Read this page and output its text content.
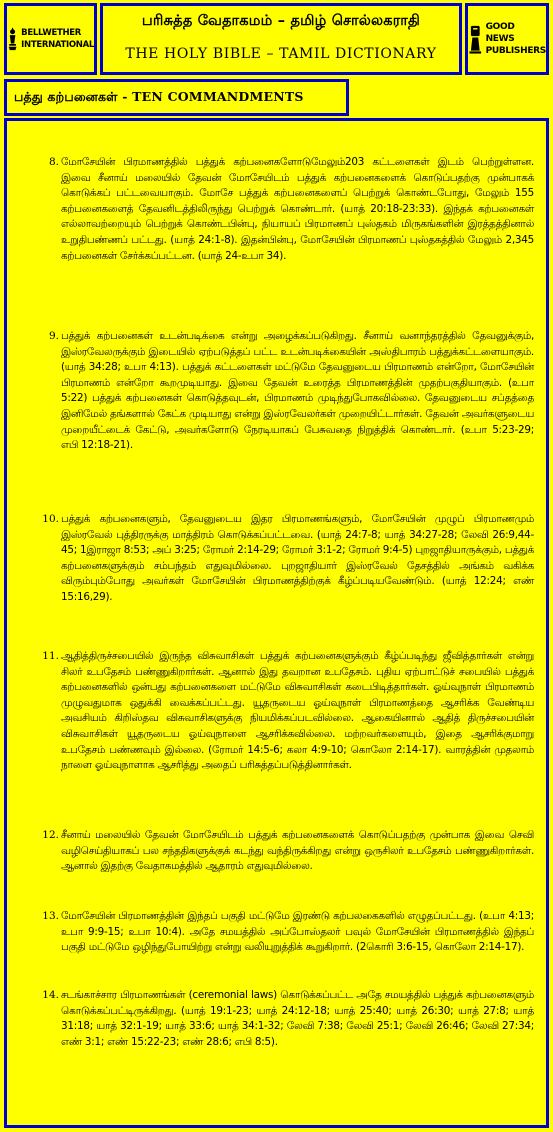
BELLWETHER
INTERNATIONAL
பரிசுத்த வேதாகமம் – தமிழ் சொல்லகராதி
THE HOLY BIBLE – TAMIL DICTIONARY
GOOD NEWS
PUBLISHERS
பத்து கற்பனைகள் - TEN COMMANDMENTS
8. மோசேயின் பிரமாணத்தில் பத்துக் கற்பனைகளோடுமேலும்203 கட்டளைகள் இடம் பெற்றுள்ளன. இவை சீனாய் மலையில் தேவன் மோசேயிடம் பத்துக் கற்பனைகளைக் கொடுப்பதற்கு முன்பாகக் கொடுக்கப் பட்டவையாகும். மோசே பத்துக் கற்பனைகளைப் பெற்றுக் கொண்டபோது, மேலும் 155 கற்பனைகளைத் தேவனிடத்திலிருந்து பெற்றுக் கொண்டார். (யாத் 20:18-23:33). இந்தக் கற்பனைகள் எல்லாவற்றையும் பெற்றுக் கொண்டபின்பு, நியாயப் பிரமாணப் புஸ்தகம் மிருகங்களின் இரத்தத்தினால் உறுதிபண்ணப் பட்டது. (யாத் 24:1-8). இதன்பின்பு, மோசேயின் பிரமாணப் புஸ்தகத்தில் மேலும் 2,345 கற்பனைகள் சேர்க்கப்பட்டன. (யாத் 24-உபா 34).
9. பத்துக் கற்பனைகள் உடன்படிக்கை என்று அழைக்கப்படுகிறது. சீனாய் வனாந்தரத்தில் தேவனுக்கும், இஸ்ரவேலருக்கும் இடையில் ஏற்படுத்தப் பட்ட உடன்படிக்கையின் அஸ்திபாரம் பத்துக்கட்டளையாகும். (யாத் 34:28; உபா 4:13). பத்துக் கட்டளைகள் மட்டுமே தேவனுடைய பிரமாணம் என்றோ, மோசேயின் பிரமாணம் என்றோ கூறமுடியாது. இவை தேவன் உரைத்த பிரமாணத்தின் முதற்பகுதியாகும். (உபா 5:22) பத்துக் கற்பனைகள் கொடுத்தவுடன், பிரமாணம் முடிந்துபோகவில்லை. தேவனுடைய சப்தத்தை இனிமேல் தங்களால் கேட்க முடியாது என்று இஸ்ரவேலர்கள் முறையிட்டார்கள். தேவன் அவர்களுடைய முறையீட்டைக் கேட்டு, அவர்களோடு நேரடியாகப் பேசுவதை நிறுத்திக் கொண்டார். (உபா 5:23-29; எபி 12:18-21).
10. பத்துக் கற்பனைகளும், தேவனுடைய இதர பிரமாணங்களும், மோசேயின் முழுப் பிரமாணமும் இஸ்ரவேல் புத்திரருக்கு மாத்திரம் கொடுக்கப்பட்டவை. (யாத் 24:7-8; யாத் 34:27-28; லேவி 26:9,44-45; 1இராஜா 8:53; அப் 3:25; ரோமர் 2:14-29; ரோமர் 3:1-2; ரோமர் 9:4-5) புறஜாதியாருக்கும், பத்துக் கற்பனைகளுக்கும் சம்பந்தம் எதுவுமில்லை. புறஜாதியார் இஸ்ரவேல் தேசத்தில் அங்கம் வகிக்க விரும்பும்போது அவர்கள் மோசேயின் பிரமாணத்திற்குக் கீழ்ப்படியவேண்டும். (யாத் 12:24; எண் 15:16,29).
11. ஆதித்திருச்சபையில் இருந்த விசுவாசிகள் பத்துக் கற்பனைகளுக்கும் கீழ்ப்படிந்து ஜீவித்தார்கள் என்று சிலர் உபதேசம் பண்ணுகிறார்கள். ஆனால் இது தவறான உபதேசம். புதிய ஏற்பாட்டுச் சபையில் பத்துக் கற்பனைகளில் ஒன்பது கற்பனைகளை மட்டுமே விசுவாசிகள் கடைபிடித்தார்கள். ஓய்வுநாள் பிரமாணம் முழுவதுமாக ஒதுக்கி வைக்கப்பட்டது. யூதருடைய ஓய்வுநாள் பிரமாணத்தை ஆசரிக்க வேண்டிய அவசியம் கிறிஸ்தவ விசுவாசிகளுக்கு நியமிக்கப்படவில்லை. ஆகையினால் ஆதித் திருச்சபையின் விசுவாசிகள் யூதருடைய ஓய்வுநாளை ஆசரிக்கவில்லை. மற்றவர்களையும், இதை ஆசரிக்குமாறு உபதேசம் பண்ணவும் இல்லை. (ரோமர் 14:5-6; கலா 4:9-10; கொலோ 2:14-17). வாரத்தின் முதலாம் நாளை ஓய்வுநாளாக ஆசரித்து அதைப் பரிசுத்தப்படுத்தினார்கள்.
12. சீனாய் மலையில் தேவன் மோசேயிடம் பத்துக் கற்பனைகளைக் கொடுப்பதற்கு முன்பாக இவை செவி வழிசெய்தியாகப் பல சந்ததிகளுக்குக் கடந்து வந்திருக்கிறது என்று ஒருசிலர் உபதேசம் பண்ணுகிறார்கள். ஆனால் இதற்கு வேதாகமத்தில் ஆதாரம் எதுவுமில்லை.
13. மோசேயின் பிரமாணத்தின் இந்தப் பகுதி மட்டுமே இரண்டு கற்பலகைகளில் எழுதப்பட்டது. (உபா 4:13; உபா 9:9-15; உபா 10:4). அதே சமயத்தில் அப்போஸ்தலர் பவுல் மோசேயின் பிரமாணத்தில் இந்தப் பகுதி மட்டுமே ஒழிந்துபோயிற்று என்று வலியுறுத்திக் கூறுகிறார். (2கொரி 3:6-15, கொலோ 2:14-17).
14. சடங்காச்சார பிரமாணங்கள் (ceremonial laws) கொடுக்கப்பட்ட அதே சமயத்தில் பத்துக் கற்பனைகளும் கொடுக்கப்பட்டிருக்கிறது. (யாத் 19:1-23; யாத் 24:12-18; யாத் 25:40; யாத் 26:30; யாத் 27:8; யாத் 31:18; யாத் 32:1-19; யாத் 33:6; யாத் 34:1-32; லேவி 7:38; லேவி 25:1; லேவி 26:46; லேவி 27:34; எண் 3:1; எண் 15:22-23; எண் 28:6; எபி 8:5).
